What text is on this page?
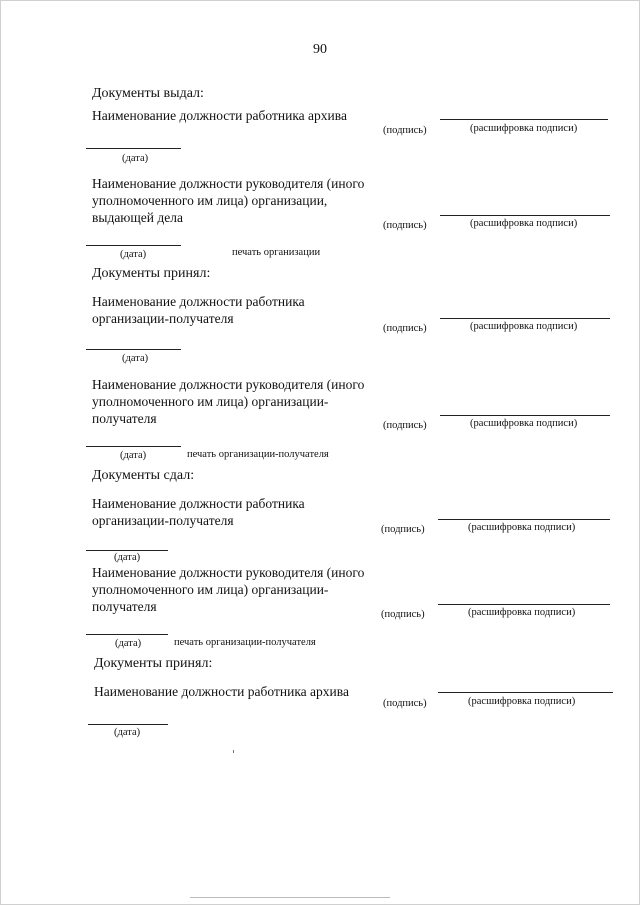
90
Документы выдал:
Наименование должности работника архива
(подпись)	(расшифровка подписи)
(дата)
Наименование должности руководителя (иного уполномоченного им лица) организации, выдающей дела
(подпись)	(расшифровка подписи)
(дата)	печать организации
Документы принял:
Наименование должности работника организации-получателя
(подпись)	(расшифровка подписи)
(дата)
Наименование должности руководителя (иного уполномоченного им лица) организации-получателя	(подпись)	(расшифровка подписи)
(дата)	печать организации-получателя
Документы сдал:
Наименование должности работника организации-получателя
(подпись)	(расшифровка подписи)
(дата)
Наименование должности руководителя (иного уполномоченного им лица) организации-получателя
(подпись)	(расшифровка подписи)
(дата)	печать организации-получателя
Документы принял:
Наименование должности работника архива
(подпись)	(расшифровка подписи)
(дата)
